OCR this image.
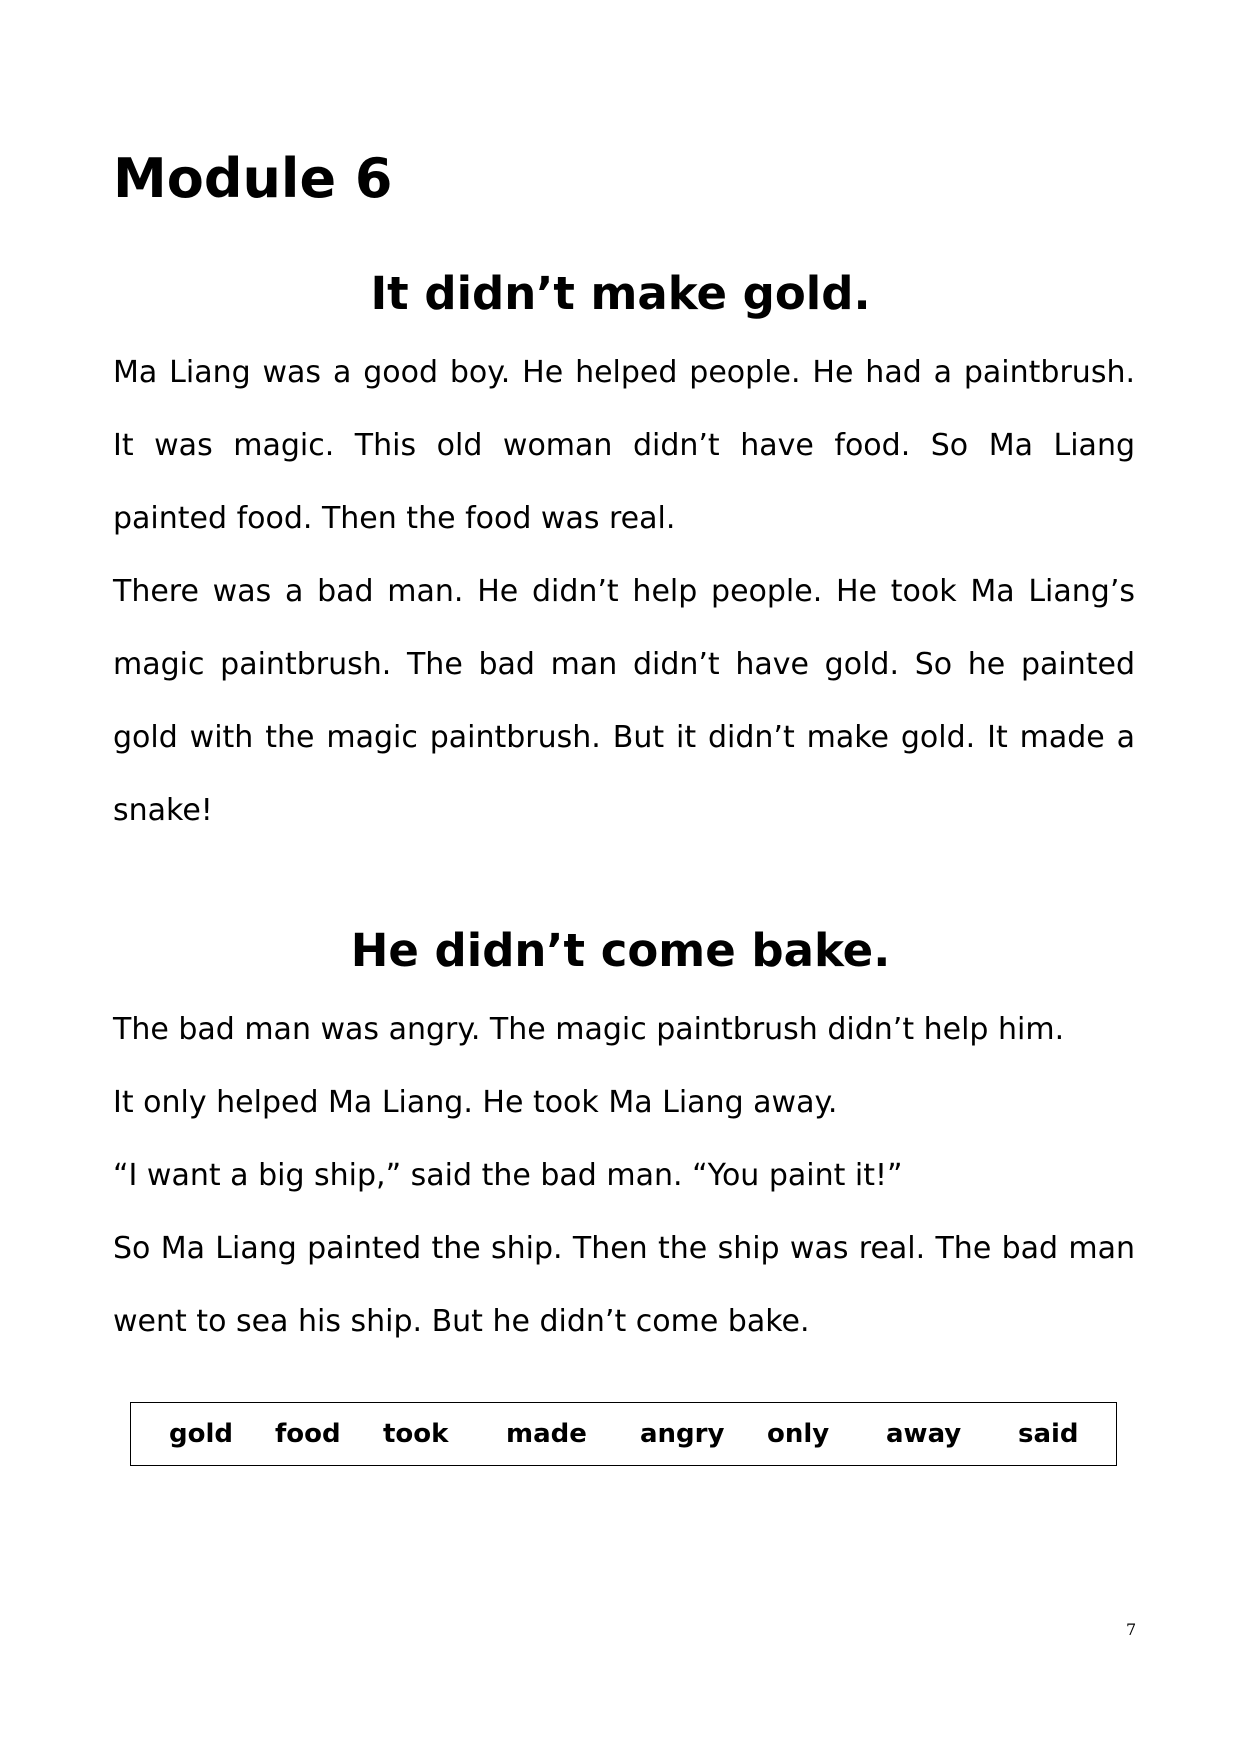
Module 6
It didn’t make gold.

Ma Liang was a good boy. He helped people. He had a paintbrush. It was magic. This old woman didn’t have food. So Ma Liang painted food. Then the food was real.

There was a bad man. He didn’t help people. He took Ma Liang’s magic paintbrush. The bad man didn’t have gold. So he painted gold with the magic paintbrush. But it didn’t make gold. It made a snake!

He didn’t come bake.

The bad man was angry. The magic paintbrush didn’t help him.

It only helped Ma Liang. He took Ma Liang away.

“I want a big ship,” said the bad man. “You paint it!”

So Ma Liang painted the ship. Then the ship was real. The bad man went to sea his ship. But he didn’t come bake.

gold food took made angry only away said
7
